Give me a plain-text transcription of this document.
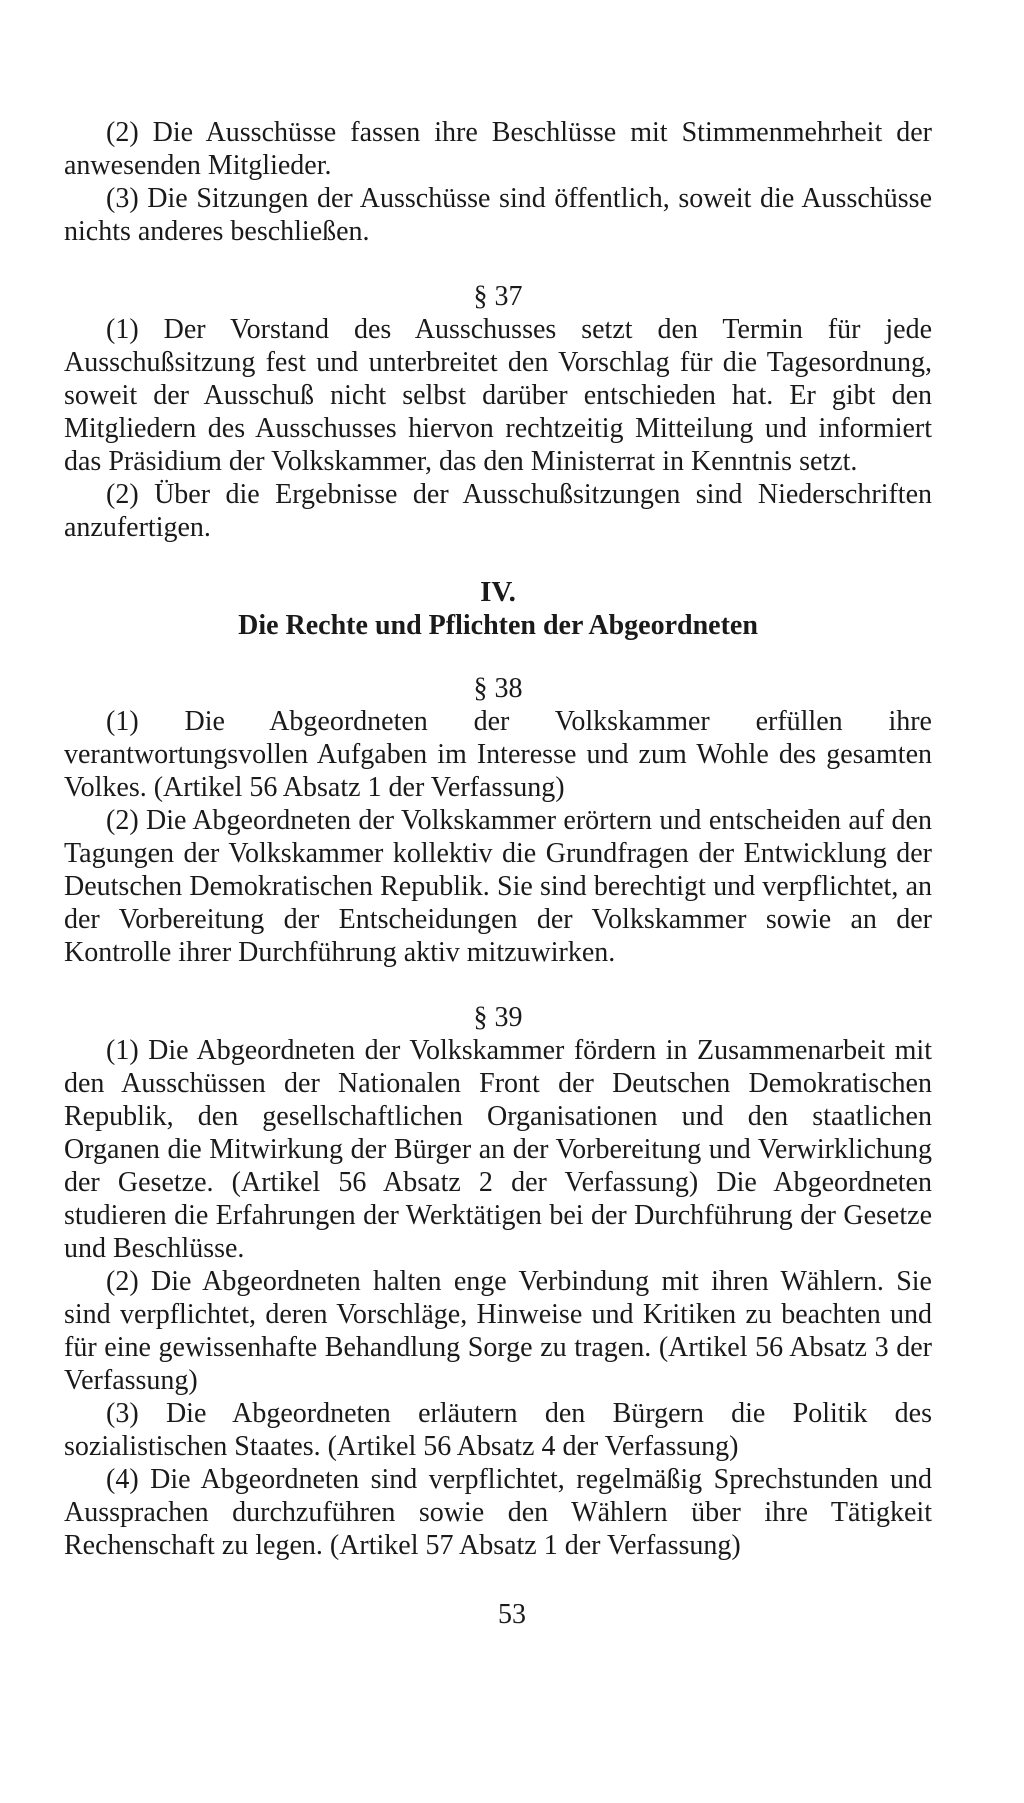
(2) Die Ausschüsse fassen ihre Beschlüsse mit Stimmenmehrheit der anwesenden Mitglieder.

(3) Die Sitzungen der Ausschüsse sind öffentlich, soweit die Ausschüsse nichts anderes beschließen.

§ 37

(1) Der Vorstand des Ausschusses setzt den Termin für jede Ausschußsitzung fest und unterbreitet den Vorschlag für die Tagesordnung, soweit der Ausschuß nicht selbst darüber entschieden hat. Er gibt den Mitgliedern des Ausschusses hiervon rechtzeitig Mitteilung und informiert das Präsidium der Volkskammer, das den Ministerrat in Kenntnis setzt.

(2) Über die Ergebnisse der Ausschußsitzungen sind Niederschriften anzufertigen.

IV.

Die Rechte und Pflichten der Abgeordneten

§ 38

(1) Die Abgeordneten der Volkskammer erfüllen ihre verantwortungsvollen Aufgaben im Interesse und zum Wohle des gesamten Volkes. (Artikel 56 Absatz 1 der Verfassung)

(2) Die Abgeordneten der Volkskammer erörtern und entscheiden auf den Tagungen der Volkskammer kollektiv die Grundfragen der Entwicklung der Deutschen Demokratischen Republik. Sie sind berechtigt und verpflichtet, an der Vorbereitung der Entscheidungen der Volkskammer sowie an der Kontrolle ihrer Durchführung aktiv mitzuwirken.

§ 39

(1) Die Abgeordneten der Volkskammer fördern in Zusammenarbeit mit den Ausschüssen der Nationalen Front der Deutschen Demokratischen Republik, den gesellschaftlichen Organisationen und den staatlichen Organen die Mitwirkung der Bürger an der Vorbereitung und Verwirklichung der Gesetze. (Artikel 56 Absatz 2 der Verfassung) Die Abgeordneten studieren die Erfahrungen der Werktätigen bei der Durchführung der Gesetze und Beschlüsse.

(2) Die Abgeordneten halten enge Verbindung mit ihren Wählern. Sie sind verpflichtet, deren Vorschläge, Hinweise und Kritiken zu beachten und für eine gewissenhafte Behandlung Sorge zu tragen. (Artikel 56 Absatz 3 der Verfassung)

(3) Die Abgeordneten erläutern den Bürgern die Politik des sozialistischen Staates. (Artikel 56 Absatz 4 der Verfassung)

(4) Die Abgeordneten sind verpflichtet, regelmäßig Sprechstunden und Aussprachen durchzuführen sowie den Wählern über ihre Tätigkeit Rechenschaft zu legen. (Artikel 57 Absatz 1 der Verfassung)

53
